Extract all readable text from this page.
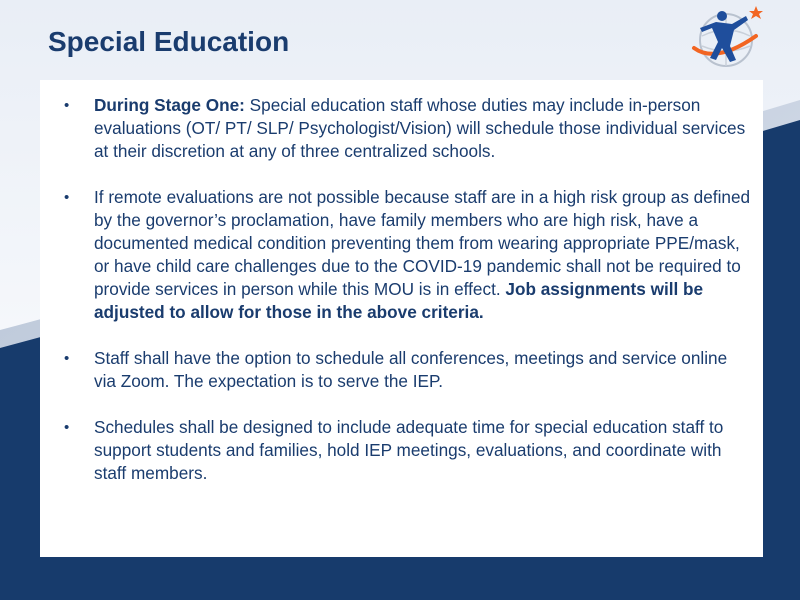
Special Education
• During Stage One: Special education staff whose duties may include in-person evaluations (OT/ PT/ SLP/ Psychologist/Vision) will schedule those individual services at their discretion at any of three centralized schools.
• If remote evaluations are not possible because staff are in a high risk group as defined by the governor’s proclamation, have family members who are high risk, have a documented medical condition preventing them from wearing appropriate PPE/mask, or have child care challenges due to the COVID-19 pandemic shall not be required to provide services in person while this MOU is in effect. Job assignments will be adjusted to allow for those in the above criteria.
• Staff shall have the option to schedule all conferences, meetings and service online via Zoom. The expectation is to serve the IEP.
• Schedules shall be designed to include adequate time for special education staff to support students and families, hold IEP meetings, evaluations, and coordinate with staff members.
